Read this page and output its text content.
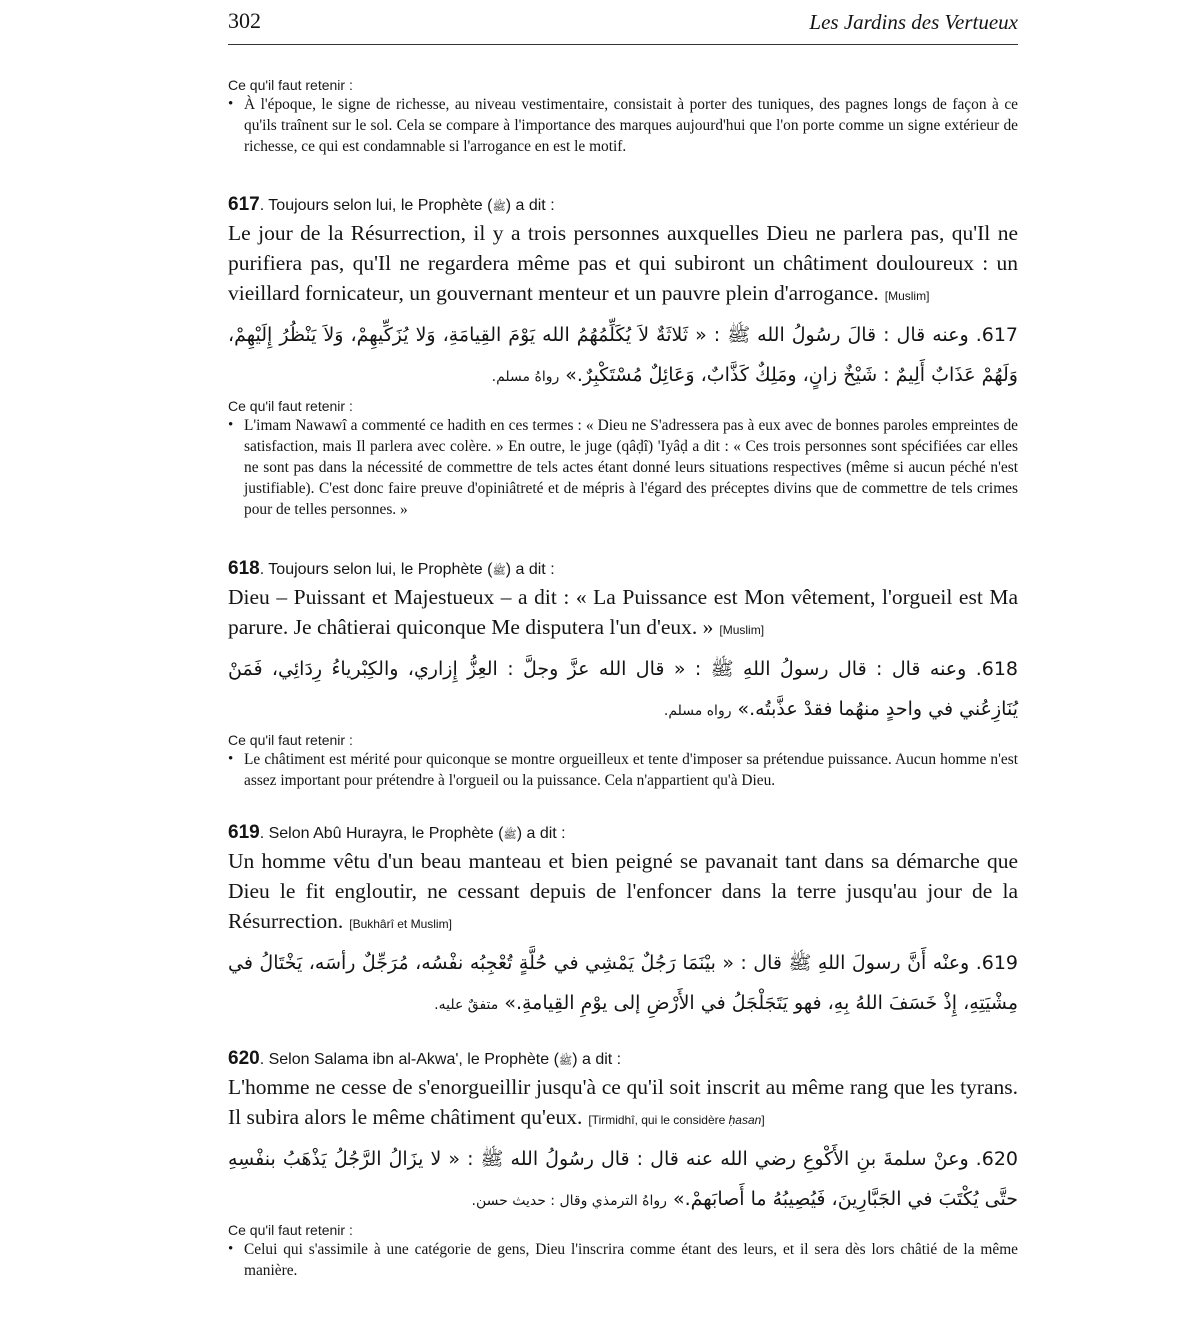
302	Les Jardins des Vertueux
Ce qu'il faut retenir :
• À l'époque, le signe de richesse, au niveau vestimentaire, consistait à porter des tuniques, des pagnes longs de façon à ce qu'ils traînent sur le sol. Cela se compare à l'importance des marques aujourd'hui que l'on porte comme un signe extérieur de richesse, ce qui est condamnable si l'arrogance en est le motif.
617. Toujours selon lui, le Prophète (ﷺ) a dit :
Le jour de la Résurrection, il y a trois personnes auxquelles Dieu ne parlera pas, qu'Il ne purifiera pas, qu'Il ne regardera même pas et qui subiront un châtiment douloureux : un vieillard fornicateur, un gouvernant menteur et un pauvre plein d'arrogance. [Muslim]
617. وعنه قال : قالَ رسُولُ الله ﷺ : « ثَلاثَةٌ لاَ يُكَلِّمُهُمُ الله يَوْمَ القِيامَةِ، وَلا يُزَكِّيهِمْ، وَلاَ يَنْظُرُ إِلَيْهِمْ، وَلَهُمْ عَذَابٌ أَلِيمٌ : شَيْخٌ زانٍ، ومَلِكٌ كَذَّابٌ، وَعَائِلٌ مُسْتَكْبِرٌ.» رواهُ مسلم.
Ce qu'il faut retenir :
• L'imam Nawawî a commenté ce hadith en ces termes : « Dieu ne S'adressera pas à eux avec de bonnes paroles empreintes de satisfaction, mais Il parlera avec colère. » En outre, le juge (qâḍî) 'Iyâḍ a dit : « Ces trois personnes sont spécifiées car elles ne sont pas dans la nécessité de commettre de tels actes étant donné leurs situations respectives (même si aucun péché n'est justifiable). C'est donc faire preuve d'opiniâtreté et de mépris à l'égard des préceptes divins que de commettre de tels crimes pour de telles personnes. »
618. Toujours selon lui, le Prophète (ﷺ) a dit :
Dieu – Puissant et Majestueux – a dit : « La Puissance est Mon vêtement, l'orgueil est Ma parure. Je châtierai quiconque Me disputera l'un d'eux. » [Muslim]
618. وعنه قال : قال رسولُ اللهِ ﷺ : « قال الله عزَّ وجلَّ : العِزُّ إِزاري، والكِبْرياءُ رِدَائِي، فَمَنْ يُنَازِعُني في واحدٍ منهُما فقدْ عذَّبتُه.» رواه مسلم.
Ce qu'il faut retenir :
• Le châtiment est mérité pour quiconque se montre orgueilleux et tente d'imposer sa prétendue puissance. Aucun homme n'est assez important pour prétendre à l'orgueil ou la puissance. Cela n'appartient qu'à Dieu.
619. Selon Abû Hurayra, le Prophète (ﷺ) a dit :
Un homme vêtu d'un beau manteau et bien peigné se pavanait tant dans sa démarche que Dieu le fit engloutir, ne cessant depuis de l'enfoncer dans la terre jusqu'au jour de la Résurrection. [Bukhârî et Muslim]
619. وعنْه أَنَّ رسولَ اللهِ ﷺ قال : « بيْنَمَا رَجُلٌ يَمْشِي في حُلَّةٍ تُعْجِبُه نفْسُه، مُرَجِّلٌ رأسَه، يَخْتَالُ في مِشْيَتِهِ، إِذْ خَسَفَ اللهُ بِهِ، فهو يَتَجَلْجَلُ في الأَرْضِ إلى يوْمِ القِيامةِ.» متفقٌ عليه.
620. Selon Salama ibn al-Akwa', le Prophète (ﷺ) a dit :
L'homme ne cesse de s'enorgueillir jusqu'à ce qu'il soit inscrit au même rang que les tyrans. Il subira alors le même châtiment qu'eux. [Tirmidhî, qui le considère ḥasan]
620. وعنْ سلمةَ بنِ الأَكْوعِ رضي الله عنه قال : قال رسُولُ الله ﷺ : « لا يزَالُ الرَّجُلُ يَذْهَبُ بنفْسِهِ حتَّى يُكْتَبَ في الجَبَّارِينَ، فَيُصِيبُهُ ما أَصابَهمْ.» رواهُ الترمذي وقال : حديث حسن.
Ce qu'il faut retenir :
• Celui qui s'assimile à une catégorie de gens, Dieu l'inscrira comme étant des leurs, et il sera dès lors châtié de la même manière.
